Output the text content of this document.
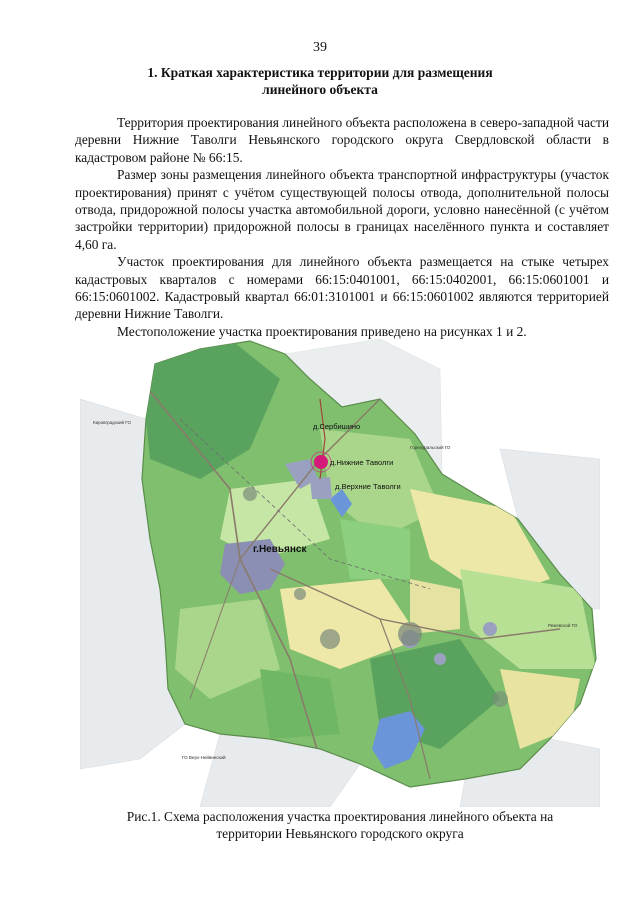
39
1. Краткая характеристика территории для размещения
линейного объекта

Территория проектирования линейного объекта расположена в северо-западной части деревни Нижние Таволги Невьянского городского округа Свердловской области в кадастровом районе № 66:15.

Размер зоны размещения линейного объекта транспортной инфраструктуры (участок проектирования) принят с учётом существующей полосы отвода, дополнительной полосы отвода, придорожной полосы участка автомобильной дороги, условно нанесённой (с учётом застройки территории) придорожной полосы в границах населённого пункта и составляет 4,60 га.

Участок проектирования для линейного объекта размещается на стыке четырех кадастровых кварталов с номерами 66:15:0401001, 66:15:0402001, 66:15:0601001 и 66:15:0601002. Кадастровый квартал 66:01:3101001 и 66:15:0601002 являются территорией деревни Нижние Таволги.

Местоположение участка проектирования приведено на рисунках 1 и 2.

д.Сербишино
д.Нижние Таволги
д.Верхние Таволги
г.Невьянск
Кировградский ГО
Горноуральский ГО
Режевской ГО
ГО Верх-Нейвинский
Рис.1. Схема расположения участка проектирования линейного объекта на
территории Невьянского городского округа
